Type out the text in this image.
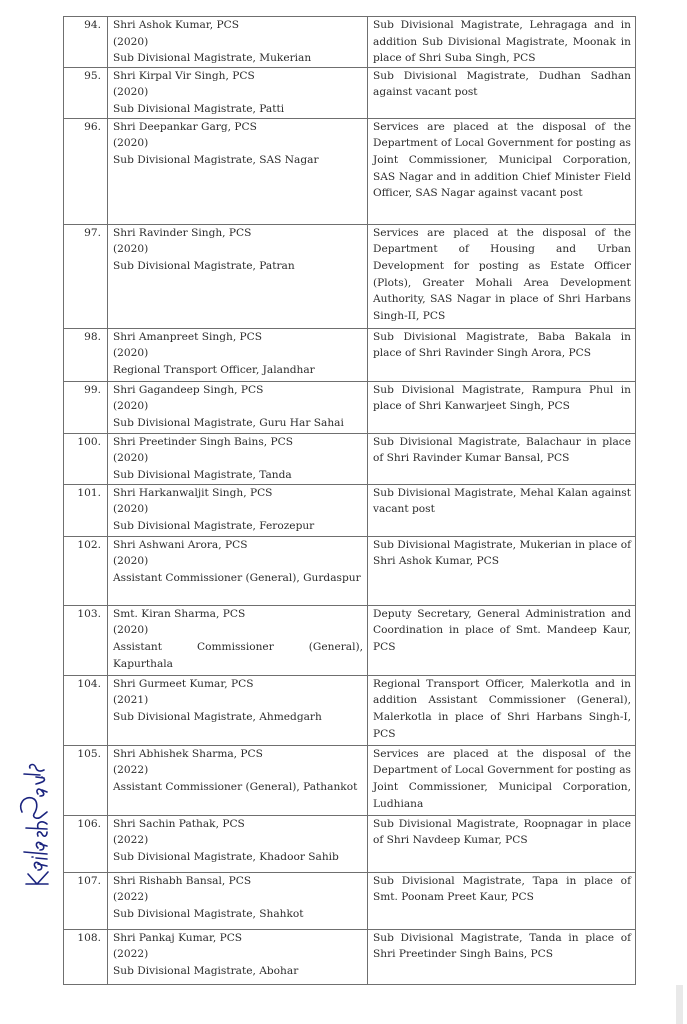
94.	Shri Ashok Kumar, PCS
(2020)
Sub Divisional Magistrate, Mukerian	Sub Divisional Magistrate, Lehragaga and in addition Sub Divisional Magistrate, Moonak in place of Shri Suba Singh, PCS
95.	Shri Kirpal Vir Singh, PCS
(2020)
Sub Divisional Magistrate, Patti	Sub Divisional Magistrate, Dudhan Sadhan against vacant post
96.	Shri Deepankar Garg, PCS
(2020)
Sub Divisional Magistrate, SAS Nagar
	Services are placed at the disposal of the Department of Local Government for posting as Joint Commissioner, Municipal Corporation, SAS Nagar and in addition Chief Minister Field Officer, SAS Nagar against vacant post
97.	Shri Ravinder Singh, PCS
(2020)
Sub Divisional Magistrate, Patran
	Services are placed at the disposal of the Department of Housing and Urban Development for posting as Estate Officer (Plots), Greater Mohali Area Development Authority, SAS Nagar in place of Shri Harbans Singh-II, PCS
98.	Shri Amanpreet Singh, PCS
(2020)
Regional Transport Officer, Jalandhar	Sub Divisional Magistrate, Baba Bakala in place of Shri Ravinder Singh Arora, PCS
99.	Shri Gagandeep Singh, PCS
(2020)
Sub Divisional Magistrate, Guru Har Sahai	Sub Divisional Magistrate, Rampura Phul in place of Shri Kanwarjeet Singh, PCS
100.	Shri Preetinder Singh Bains, PCS
(2020)
Sub Divisional Magistrate, Tanda	Sub Divisional Magistrate, Balachaur in place of Shri Ravinder Kumar Bansal, PCS
101.	Shri Harkanwaljit Singh, PCS
(2020)
Sub Divisional Magistrate, Ferozepur	Sub Divisional Magistrate, Mehal Kalan against vacant post
102.	Shri Ashwani Arora, PCS
(2020)
Assistant Commissioner (General), Gurdaspur	Sub Divisional Magistrate, Mukerian in place of Shri Ashok Kumar, PCS
103.	Smt. Kiran Sharma, PCS
(2020)
Assistant Commissioner (General), Kapurthala	Deputy Secretary, General Administration and Coordination in place of Smt. Mandeep Kaur, PCS
104.	Shri Gurmeet Kumar, PCS
(2021)
Sub Divisional Magistrate, Ahmedgarh	Regional Transport Officer, Malerkotla and in addition Assistant Commissioner (General), Malerkotla in place of Shri Harbans Singh-I, PCS
105.	Shri Abhishek Sharma, PCS
(2022)
Assistant Commissioner (General), Pathankot	Services are placed at the disposal of the Department of Local Government for posting as Joint Commissioner, Municipal Corporation, Ludhiana
106.	Shri Sachin Pathak, PCS
(2022)
Sub Divisional Magistrate, Khadoor Sahib	Sub Divisional Magistrate, Roopnagar in place of Shri Navdeep Kumar, PCS
107.	Shri Rishabh Bansal, PCS
(2022)
Sub Divisional Magistrate, Shahkot	Sub Divisional Magistrate, Tapa in place of Smt. Poonam Preet Kaur, PCS
108.	Shri Pankaj Kumar, PCS
(2022)
Sub Divisional Magistrate, Abohar	Sub Divisional Magistrate, Tanda in place of Shri Preetinder Singh Bains, PCS
